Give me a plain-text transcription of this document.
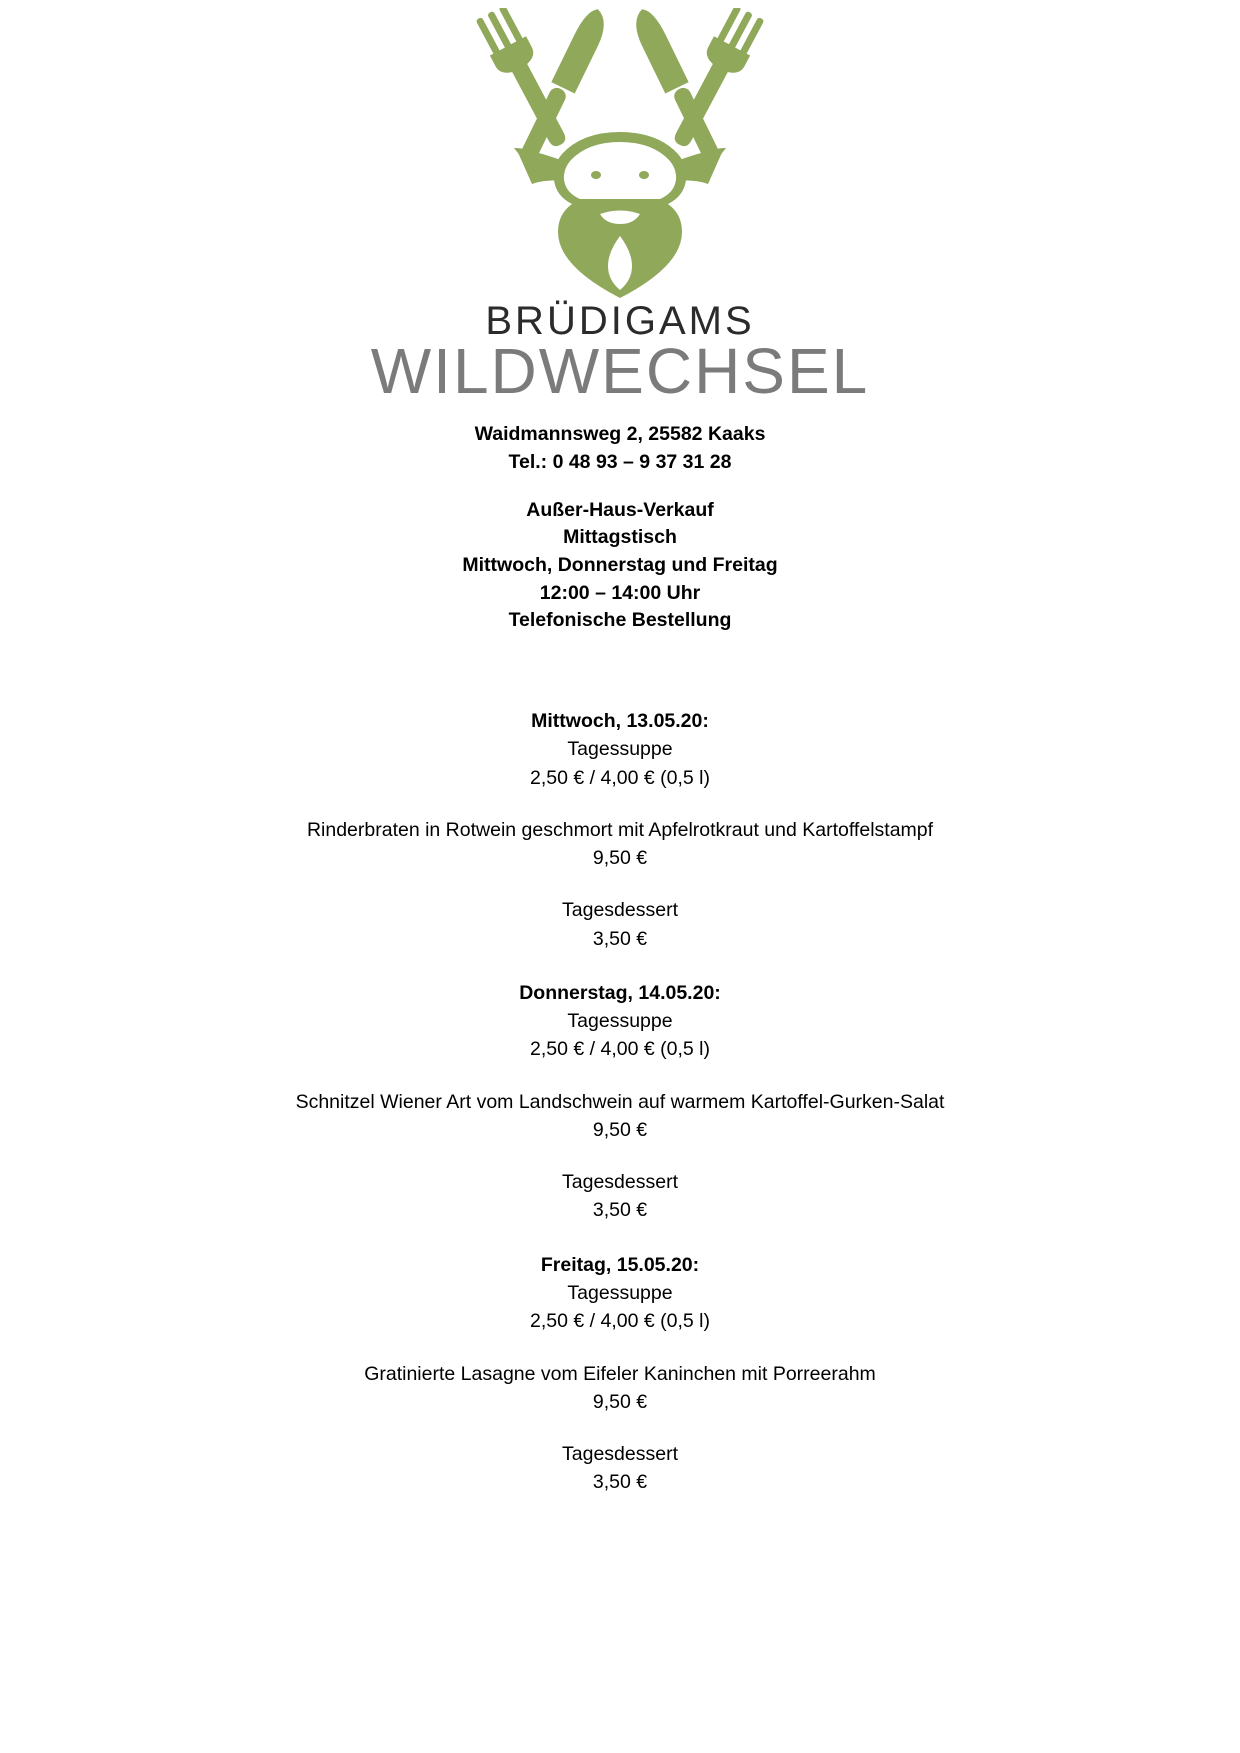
BRÜDIGAMS
WILDWECHSEL
Waidmannsweg 2, 25582 Kaaks
Tel.: 0 48 93 – 9 37 31 28
Außer-Haus-Verkauf
Mittagstisch
Mittwoch, Donnerstag und Freitag
12:00 – 14:00 Uhr
Telefonische Bestellung
Mittwoch, 13.05.20:
Tagessuppe
2,50 € / 4,00 € (0,5 l)
Rinderbraten in Rotwein geschmort mit Apfelrotkraut und Kartoffelstampf
9,50 €
Tagesdessert
3,50 €
Donnerstag, 14.05.20:
Tagessuppe
2,50 € / 4,00 € (0,5 l)
Schnitzel Wiener Art vom Landschwein auf warmem Kartoffel-Gurken-Salat
9,50 €
Tagesdessert
3,50 €
Freitag, 15.05.20:
Tagessuppe
2,50 € / 4,00 € (0,5 l)
Gratinierte Lasagne vom Eifeler Kaninchen mit Porreerahm
9,50 €
Tagesdessert
3,50 €
